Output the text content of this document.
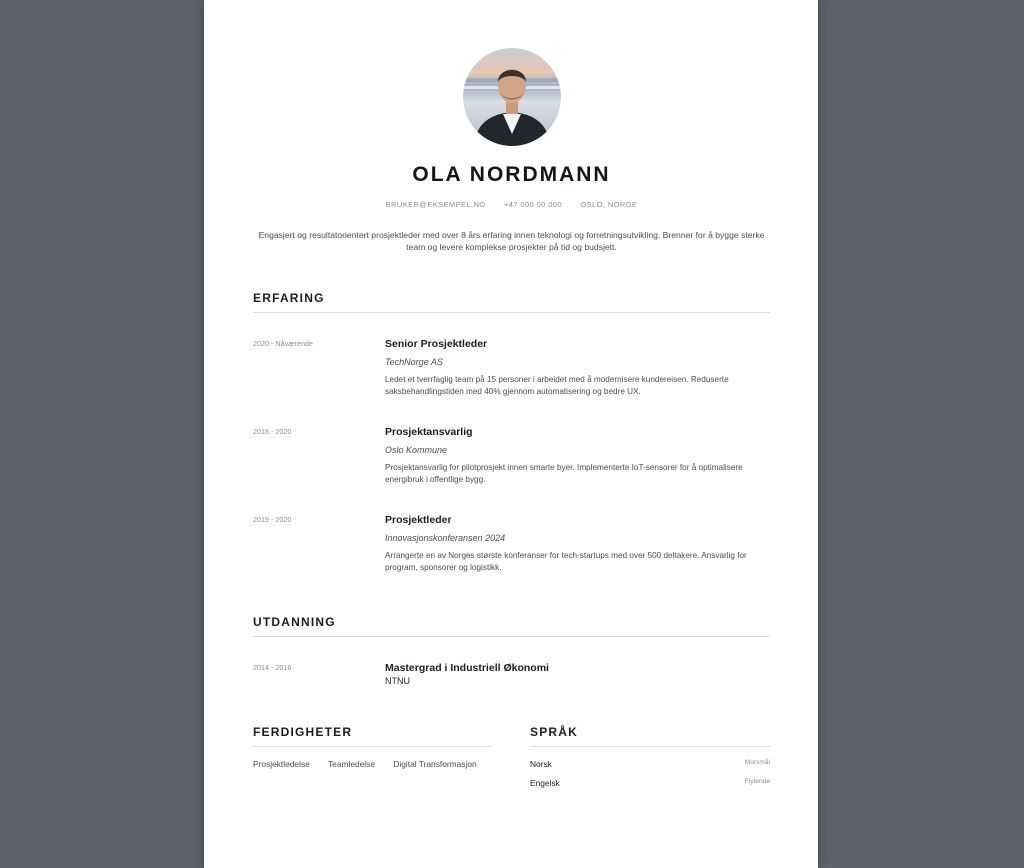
OLA NORDMANN
BRUKER@EKSEMPEL.NO +47 000 00 000 OSLO, NORGE
Engasjert og resultatorientert prosjektleder med over 8 års erfaring innen teknologi og forretningsutvikling. Brenner for å bygge sterke team og levere komplekse prosjekter på tid og budsjett.
ERFARING
2020 - Nåværende	Senior Prosjektleder
TechNorge AS
Ledet et tverrfaglig team på 15 personer i arbeidet med å modernisere kundereisen. Reduserte saksbehandlingstiden med 40% gjennom automatisering og bedre UX.
2018 - 2020	Prosjektansvarlig
Oslo Kommune
Prosjektansvarlig for pilotprosjekt innen smarte byer. Implementerte IoT-sensorer for å optimalisere energibruk i offentlige bygg.
2019 - 2020	Prosjektleder
Innovasjonskonferansen 2024
Arrangerte en av Norges største konferanser for tech-startups med over 500 deltakere. Ansvarlig for program, sponsorer og logistikk.
UTDANNING
2014 - 2016	Mastergrad i Industriell Økonomi
NTNU
FERDIGHETER
Prosjektledelse Teamledelse Digital Transformasjon
SPRÅK
Norsk	Morsmål
Engelsk	Flytende
